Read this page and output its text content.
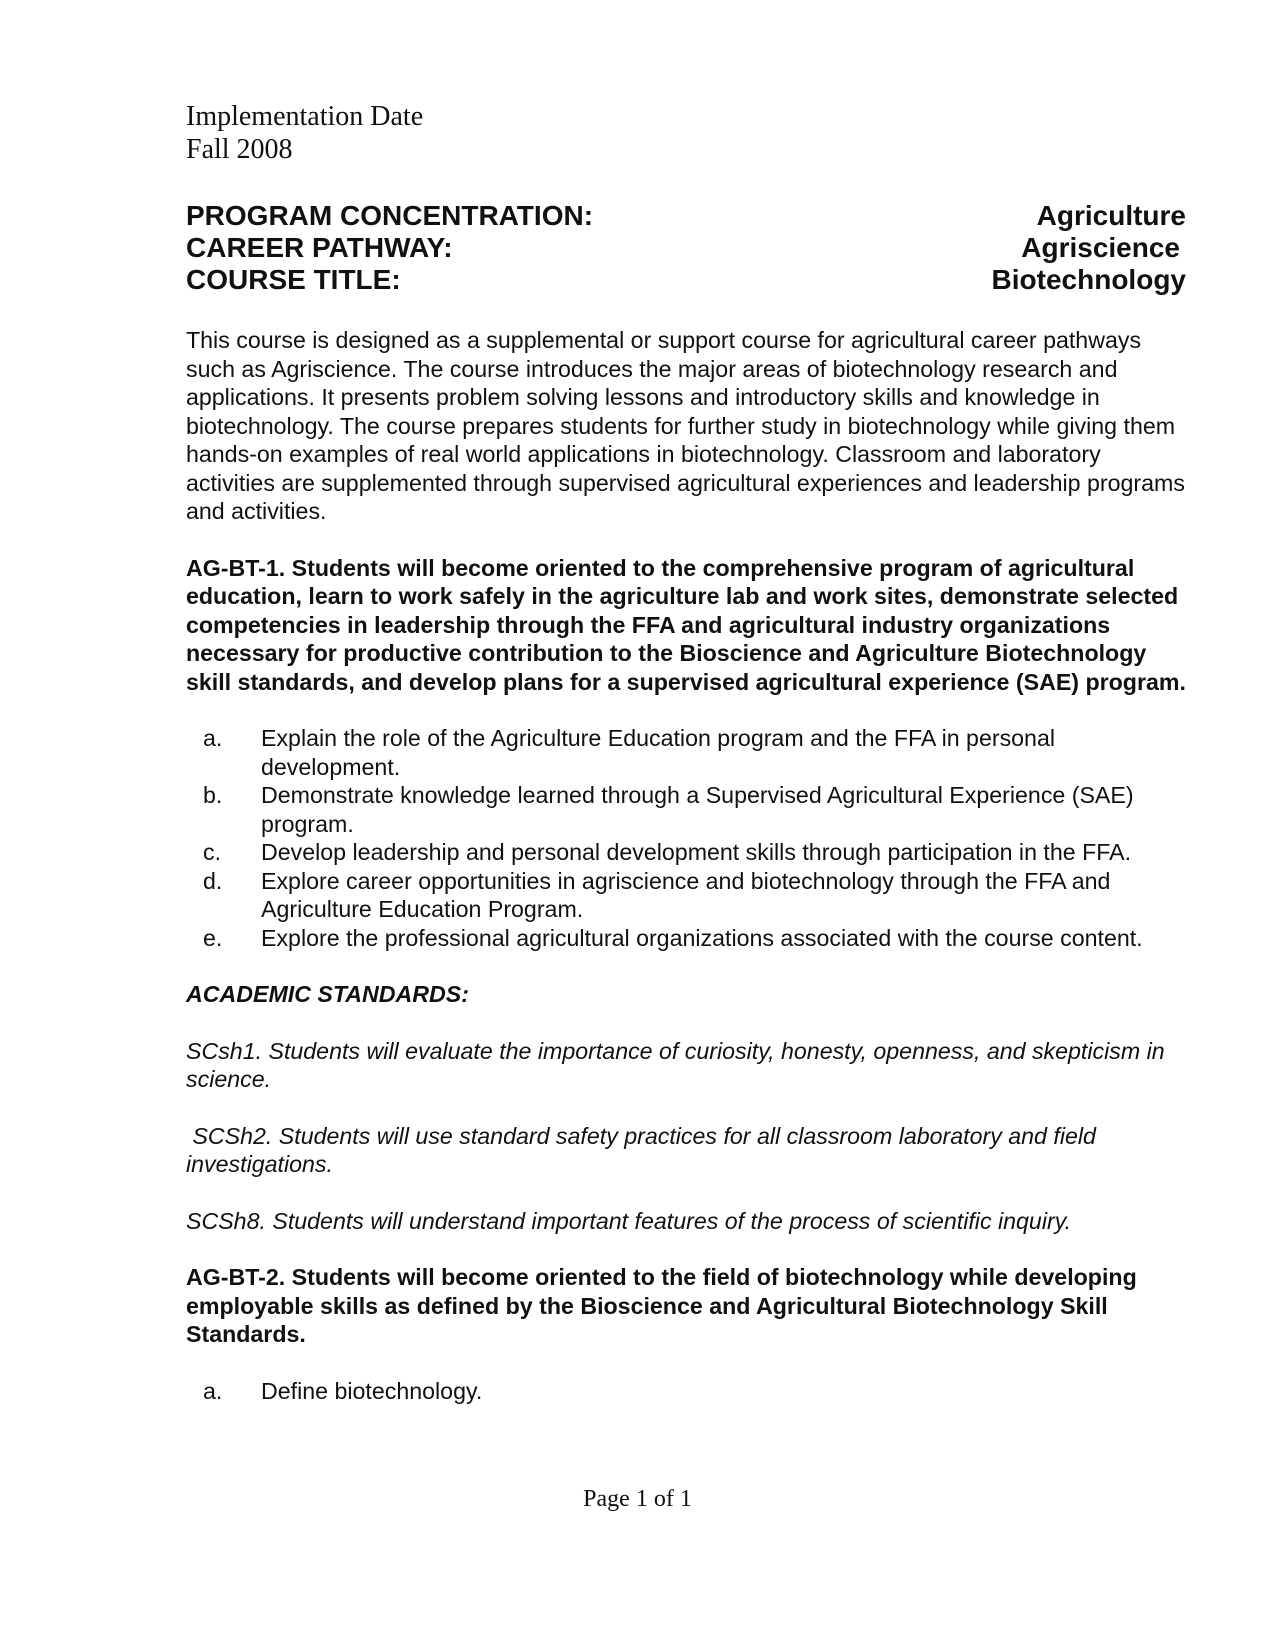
Implementation Date
Fall 2008
PROGRAM CONCENTRATION:	Agriculture
CAREER PATHWAY:	Agriscience
COURSE TITLE:	Biotechnology
This course is designed as a supplemental or support course for agricultural career pathways such as Agriscience. The course introduces the major areas of biotechnology research and applications. It presents problem solving lessons and introductory skills and knowledge in biotechnology. The course prepares students for further study in biotechnology while giving them hands-on examples of real world applications in biotechnology. Classroom and laboratory activities are supplemented through supervised agricultural experiences and leadership programs and activities.
AG-BT-1. Students will become oriented to the comprehensive program of agricultural education, learn to work safely in the agriculture lab and work sites, demonstrate selected competencies in leadership through the FFA and agricultural industry organizations necessary for productive contribution to the Bioscience and Agriculture Biotechnology skill standards, and develop plans for a supervised agricultural experience (SAE) program.
a.	Explain the role of the Agriculture Education program and the FFA in personal development.
b.	Demonstrate knowledge learned through a Supervised Agricultural Experience (SAE) program.
c.	Develop leadership and personal development skills through participation in the FFA.
d.	Explore career opportunities in agriscience and biotechnology through the FFA and Agriculture Education Program.
e.	Explore the professional agricultural organizations associated with the course content.
ACADEMIC STANDARDS:
SCsh1. Students will evaluate the importance of curiosity, honesty, openness, and skepticism in science.
SCSh2. Students will use standard safety practices for all classroom laboratory and field investigations.
SCSh8. Students will understand important features of the process of scientific inquiry.
AG-BT-2. Students will become oriented to the field of biotechnology while developing employable skills as defined by the Bioscience and Agricultural Biotechnology Skill Standards.
a.	Define biotechnology.
Page 1 of 1
